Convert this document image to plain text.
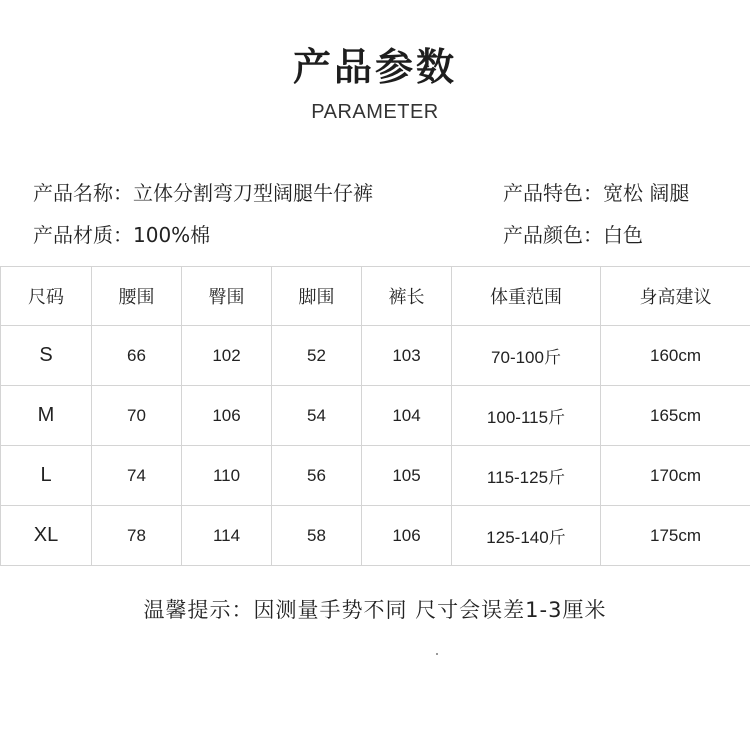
产品参数
PARAMETER
产品名称：立体分割弯刀型阔腿牛仔裤	产品特色：宽松 阔腿
产品材质：100%棉	产品颜色：白色
尺码	腰围	臀围	脚围	裤长	体重范围	身高建议
S	66	102	52	103	70-100斤	160cm
M	70	106	54	104	100-115斤	165cm
L	74	110	56	105	115-125斤	170cm
XL	78	114	58	106	125-140斤	175cm
温馨提示：因测量手势不同 尺寸会误差1-3厘米
